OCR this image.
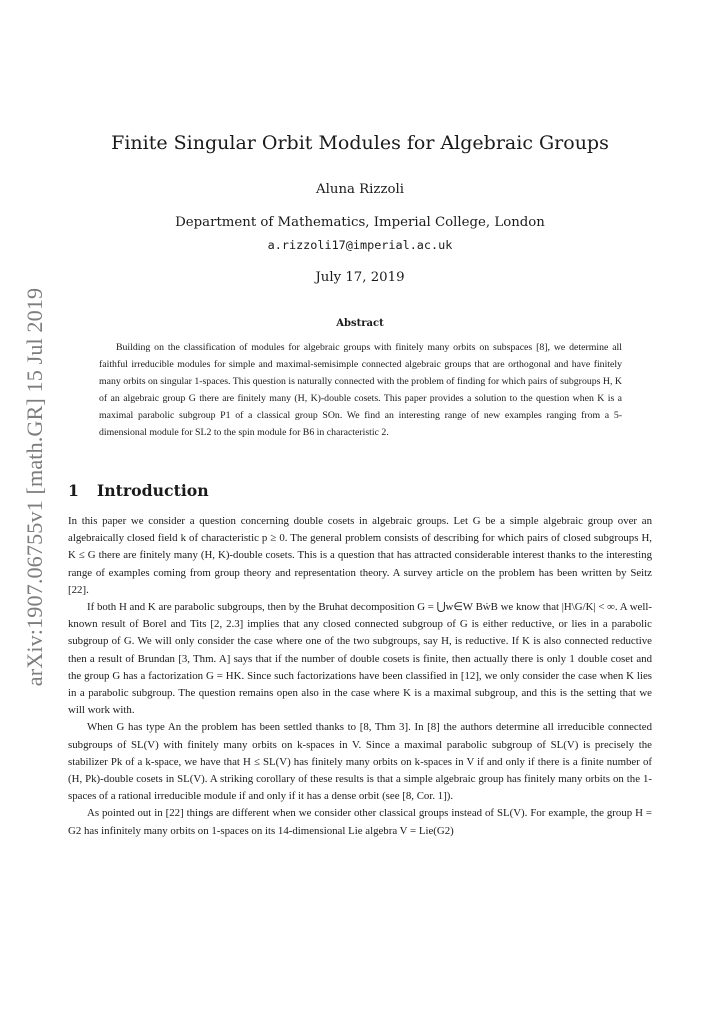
arXiv:1907.06755v1 [math.GR] 15 Jul 2019
Finite Singular Orbit Modules for Algebraic Groups
Aluna Rizzoli
Department of Mathematics, Imperial College, London
a.rizzoli17@imperial.ac.uk
July 17, 2019
Abstract

Building on the classification of modules for algebraic groups with finitely many orbits on subspaces [8], we determine all faithful irreducible modules for simple and maximal-semisimple connected algebraic groups that are orthogonal and have finitely many orbits on singular 1-spaces. This question is naturally connected with the problem of finding for which pairs of subgroups H, K of an algebraic group G there are finitely many (H, K)-double cosets. This paper provides a solution to the question when K is a maximal parabolic subgroup P1 of a classical group SOn. We find an interesting range of new examples ranging from a 5-dimensional module for SL2 to the spin module for B6 in characteristic 2.

1 Introduction

In this paper we consider a question concerning double cosets in algebraic groups. Let G be a simple algebraic group over an algebraically closed field k of characteristic p ≥ 0. The general problem consists of describing for which pairs of closed subgroups H, K ≤ G there are finitely many (H, K)-double cosets. This is a question that has attracted considerable interest thanks to the interesting range of examples coming from group theory and representation theory. A survey article on the problem has been written by Seitz [22].

If both H and K are parabolic subgroups, then by the Bruhat decomposition G = ⋃w∈W BẇB we know that |H\G/K| < ∞. A well-known result of Borel and Tits [2, 2.3] implies that any closed connected subgroup of G is either reductive, or lies in a parabolic subgroup of G. We will only consider the case where one of the two subgroups, say H, is reductive. If K is also connected reductive then a result of Brundan [3, Thm. A] says that if the number of double cosets is finite, then actually there is only 1 double coset and the group G has a factorization G = HK. Since such factorizations have been classified in [12], we only consider the case when K lies in a parabolic subgroup. The question remains open also in the case where K is a maximal subgroup, and this is the setting that we will work with.

When G has type An the problem has been settled thanks to [8, Thm 3]. In [8] the authors determine all irreducible connected subgroups of SL(V) with finitely many orbits on k-spaces in V. Since a maximal parabolic subgroup of SL(V) is precisely the stabilizer Pk of a k-space, we have that H ≤ SL(V) has finitely many orbits on k-spaces in V if and only if there is a finite number of (H, Pk)-double cosets in SL(V). A striking corollary of these results is that a simple algebraic group has finitely many orbits on the 1-spaces of a rational irreducible module if and only if it has a dense orbit (see [8, Cor. 1]).

As pointed out in [22] things are different when we consider other classical groups instead of SL(V). For example, the group H = G2 has infinitely many orbits on 1-spaces on its 14-dimensional Lie algebra V = Lie(G2)
